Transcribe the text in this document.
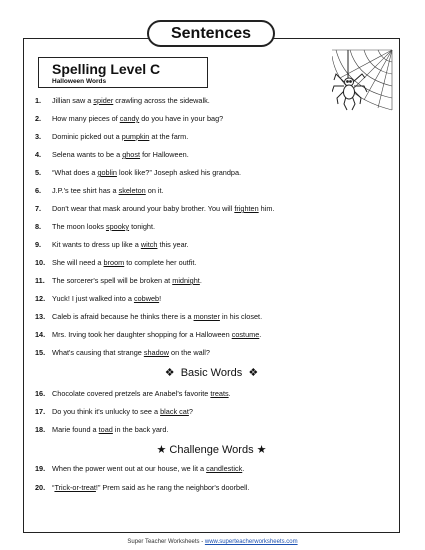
Sentences
Spelling Level C
Halloween Words
1. Jillian saw a spider crawling across the sidewalk.
2. How many pieces of candy do you have in your bag?
3. Dominic picked out a pumpkin at the farm.
4. Selena wants to be a ghost for Halloween.
5. “What does a goblin look like?” Joseph asked his grandpa.
6. J.P.'s tee shirt has a skeleton on it.
7. Don't wear that mask around your baby brother. You will frighten him.
8. The moon looks spooky tonight.
9. Kit wants to dress up like a witch this year.
10. She will need a broom to complete her outfit.
11. The sorcerer's spell will be broken at midnight.
12. Yuck! I just walked into a cobweb!
13. Caleb is afraid because he thinks there is a monster in his closet.
14. Mrs. Irving took her daughter shopping for a Halloween costume.
15. What's causing that strange shadow on the wall?
❖ Basic Words ❖
16. Chocolate covered pretzels are Anabel's favorite treats.
17. Do you think it's unlucky to see a black cat?
18. Marie found a toad in the back yard.
★ Challenge Words ★
19. When the power went out at our house, we lit a candlestick.
20. “Trick-or-treat!” Prem said as he rang the neighbor's doorbell.
Super Teacher Worksheets - www.superteacherworksheets.com
